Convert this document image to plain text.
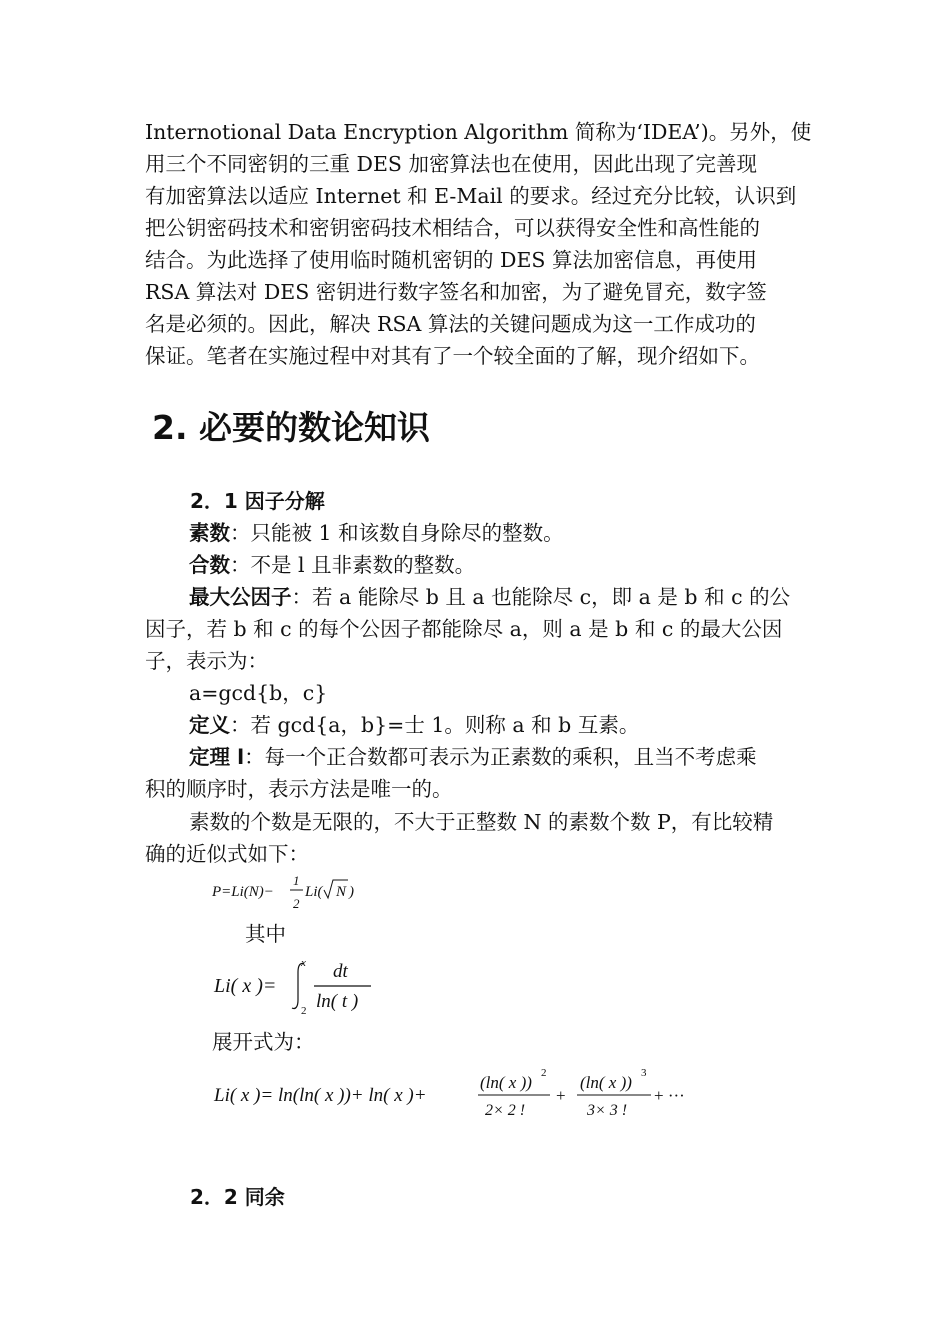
Internotional Data Encryption Algorithm 简称为‘IDEA’)。另外，使
用三个不同密钥的三重 DES 加密算法也在使用，因此出现了完善现
有加密算法以适应 Internet 和 E-Mail 的要求。经过充分比较，认识到
把公钥密码技术和密钥密码技术相结合，可以获得安全性和高性能的
结合。为此选择了使用临时随机密钥的 DES 算法加密信息，再使用
RSA 算法对 DES 密钥进行数字签名和加密，为了避免冒充，数字签
名是必须的。因此，解决 RSA 算法的关键问题成为这一工作成功的
保证。笔者在实施过程中对其有了一个较全面的了解，现介绍如下。
2. 必要的数论知识
2．1 因子分解
素数：只能被 1 和该数自身除尽的整数。
合数：不是 l 且非素数的整数。
最大公因子：若 a 能除尽 b 且 a 也能除尽 c，即 a 是 b 和 c 的公
因子，若 b 和 c 的每个公因子都能除尽 a，则 a 是 b 和 c 的最大公因
子，表示为：
a=gcd{b，c}
定义：若 gcd{a，b}=士 1。则称 a 和 b 互素。
定理 l：每一个正合数都可表示为正素数的乘积，且当不考虑乘
积的顺序时，表示方法是唯一的。
素数的个数是无限的，不大于正整数 N 的素数个数 P，有比较精
确的近似式如下：
P=Li(N)−
1
2
Li( N )
其中
Li( x )=
x
2
dt
ln( t )
展开式为：
Li( x )= ln(ln( x ))+ ln( x )+
(ln( x )) 2
2× 2 !
+
(ln( x )) 3
3× 3 !
+ ···
2．2 同余
